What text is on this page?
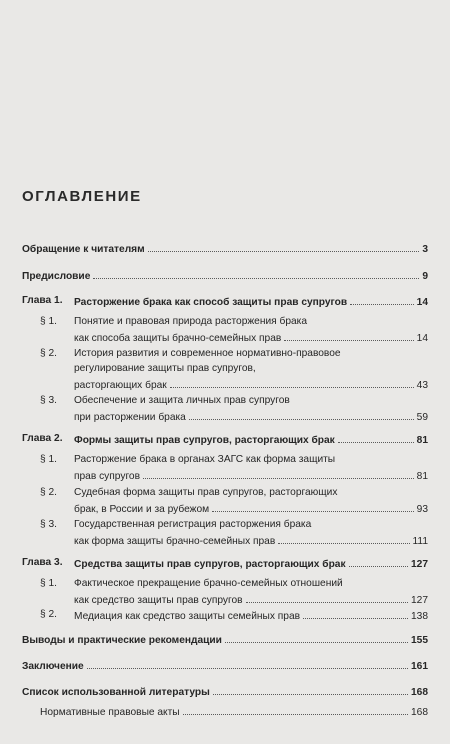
ОГЛАВЛЕНИЕ
Обращение к читателям	3
Предисловие	9
Глава 1. Расторжение брака как способ защиты прав супругов	14
§ 1. Понятие и правовая природа расторжения брака
как способа защиты брачно-семейных прав	14
§ 2. История развития и современное нормативно-правовое
регулирование защиты прав супругов,
расторгающих брак	43
§ 3. Обеспечение и защита личных прав супругов
при расторжении брака	59
Глава 2. Формы защиты прав супругов, расторгающих брак	81
§ 1. Расторжение брака в органах ЗАГС как форма защиты
прав супругов	81
§ 2. Судебная форма защиты прав супругов, расторгающих
брак, в России и за рубежом	93
§ 3. Государственная регистрация расторжения брака
как форма защиты брачно-семейных прав	111
Глава 3. Средства защиты прав супругов, расторгающих брак	127
§ 1. Фактическое прекращение брачно-семейных отношений
как средство защиты прав супругов	127
§ 2. Медиация как средство защиты семейных прав	138
Выводы и практические рекомендации	155
Заключение	161
Список использованной литературы	168
Нормативные правовые акты	168
